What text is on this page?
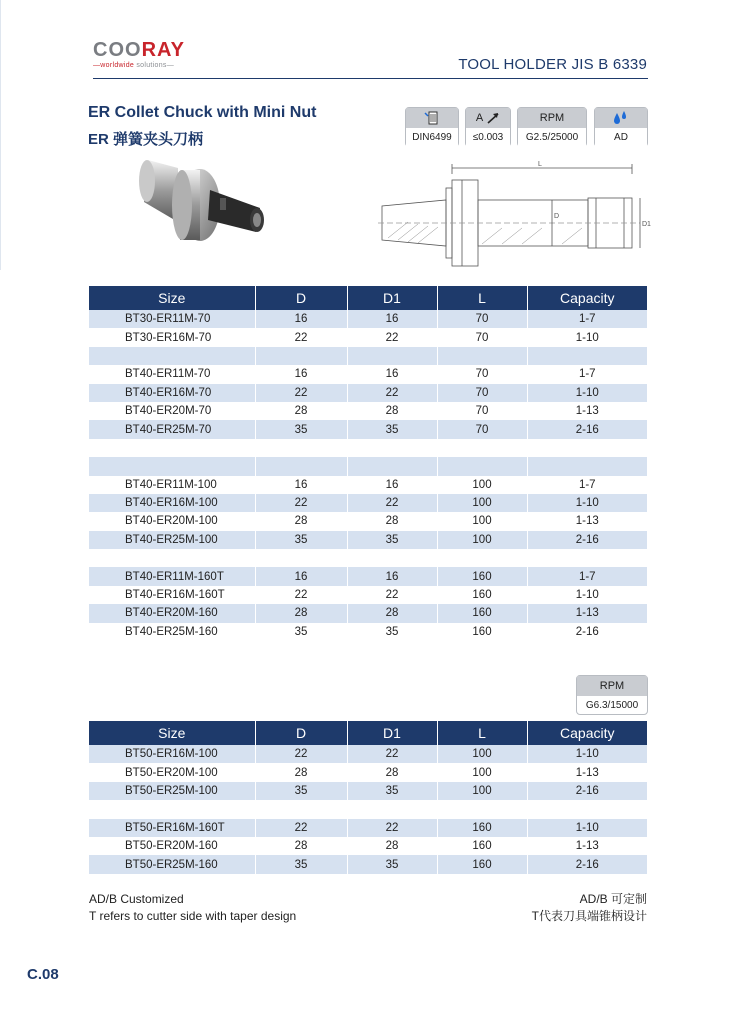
COORAY
—worldwide solutions—	TOOL HOLDER JIS B 6339
ER Collet Chuck with Mini Nut
ER 弹簧夹头刀柄	DIN6499
A
≤0.003
RPM
G2.5/25000	AD
L
D
D1
Size	D	D1	L	Capacity
BT30-ER11M-70	16	16	70	1-7
BT30-ER16M-70	22	22	70	1-10

BT40-ER11M-70	16	16	70	1-7
BT40-ER16M-70	22	22	70	1-10
BT40-ER20M-70	28	28	70	1-13
BT40-ER25M-70	35	35	70	2-16

BT40-ER11M-100	16	16	100	1-7
BT40-ER16M-100	22	22	100	1-10
BT40-ER20M-100	28	28	100	1-13
BT40-ER25M-100	35	35	100	2-16

BT40-ER11M-160T	16	16	160	1-7
BT40-ER16M-160T	22	22	160	1-10
BT40-ER20M-160	28	28	160	1-13
BT40-ER25M-160	35	35	160	2-16
RPM
G6.3/15000
Size	D	D1	L	Capacity
BT50-ER16M-100	22	22	100	1-10
BT50-ER20M-100	28	28	100	1-13
BT50-ER25M-100	35	35	100	2-16

BT50-ER16M-160T	22	22	160	1-10
BT50-ER20M-160	28	28	160	1-13
BT50-ER25M-160	35	35	160	2-16
AD/B Customized
T refers to cutter side with taper design
AD/B 可定制
T代表刀具端锥柄设计
C.08
